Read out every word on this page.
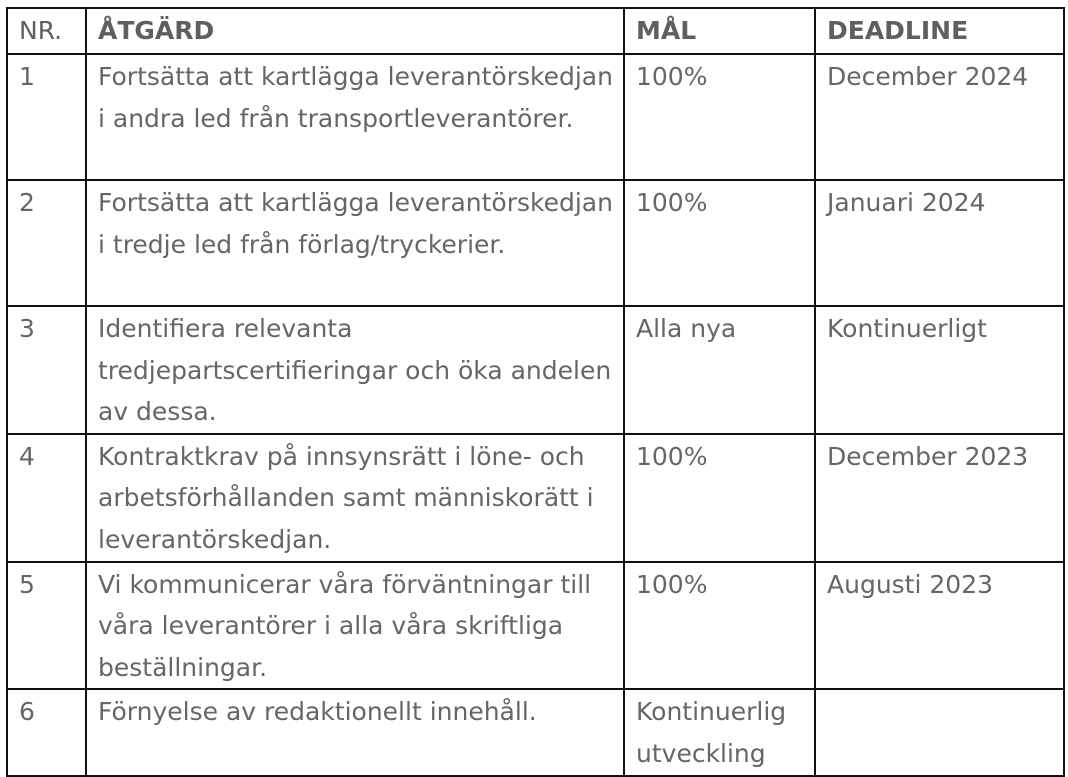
NR.	ÅTGÄRD	MÅL	DEADLINE

1	Fortsätta att kartlägga leverantörskedjan i andra led från transportleverantörer.	100%	December 2024

2	Fortsätta att kartlägga leverantörskedjan i tredje led från förlag/tryckerier.	100%	Januari 2024

3	Identifiera relevanta tredjepartscertifieringar och öka andelen av dessa.	Alla nya	Kontinuerligt

4	Kontraktkrav på innsynsrätt i löne- och arbetsförhållanden samt människorätt i leverantörskedjan.	100%	December 2023

5	Vi kommunicerar våra förväntningar till våra leverantörer i alla våra skriftliga beställningar.	100%	Augusti 2023

6	Förnyelse av redaktionellt innehåll.	Kontinuerlig utveckling	
